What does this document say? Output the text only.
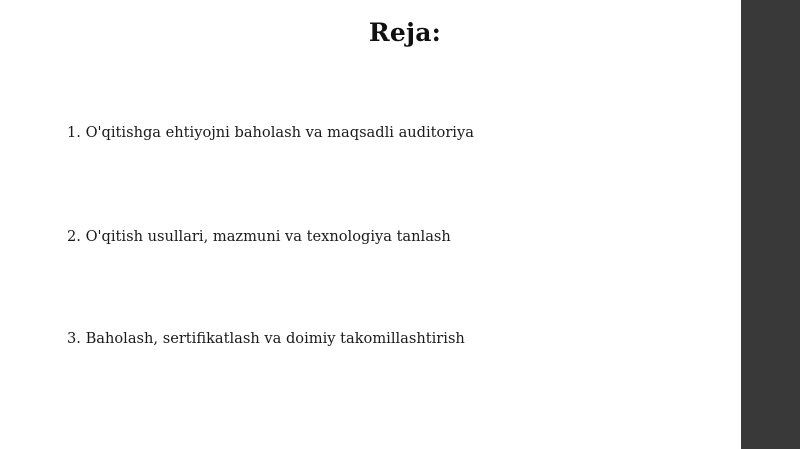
Reja:
1. O'qitishga ehtiyojni baholash va maqsadli auditoriya
2. O'qitish usullari, mazmuni va texnologiya tanlash
3. Baholash, sertifikatlash va doimiy takomillashtirish
